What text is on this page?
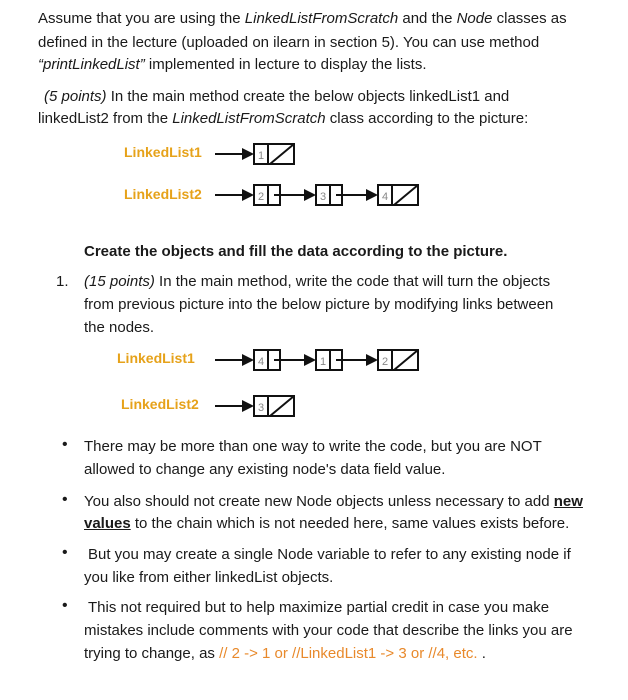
Assume that you are using the LinkedListFromScratch and the Node classes as
defined in the lecture (uploaded on ilearn in section 5). You can use method
“printLinkedList” implemented in lecture to display the lists.
(5 points) In the main method create the below objects linkedList1 and
linkedList2 from the LinkedListFromScratch class according to the picture:
LinkedList1
LinkedList2
1
2	3	4
Create the objects and fill the data according to the picture.
1. (15 points) In the main method, write the code that will turn the objects
from previous picture into the below picture by modifying links between
the nodes.
LinkedList1
LinkedList2
4	1	2
3
• There may be more than one way to write the code, but you are NOT
allowed to change any existing node's data field value.
• You also should not create new Node objects unless necessary to add new
values to the chain which is not needed here, same values exists before.
• But you may create a single Node variable to refer to any existing node if
you like from either linkedList objects.
• This not required but to help maximize partial credit in case you make
mistakes include comments with your code that describe the links you are
trying to change, as // 2 -> 1 or //LinkedList1 -> 3 or //4, etc. .
